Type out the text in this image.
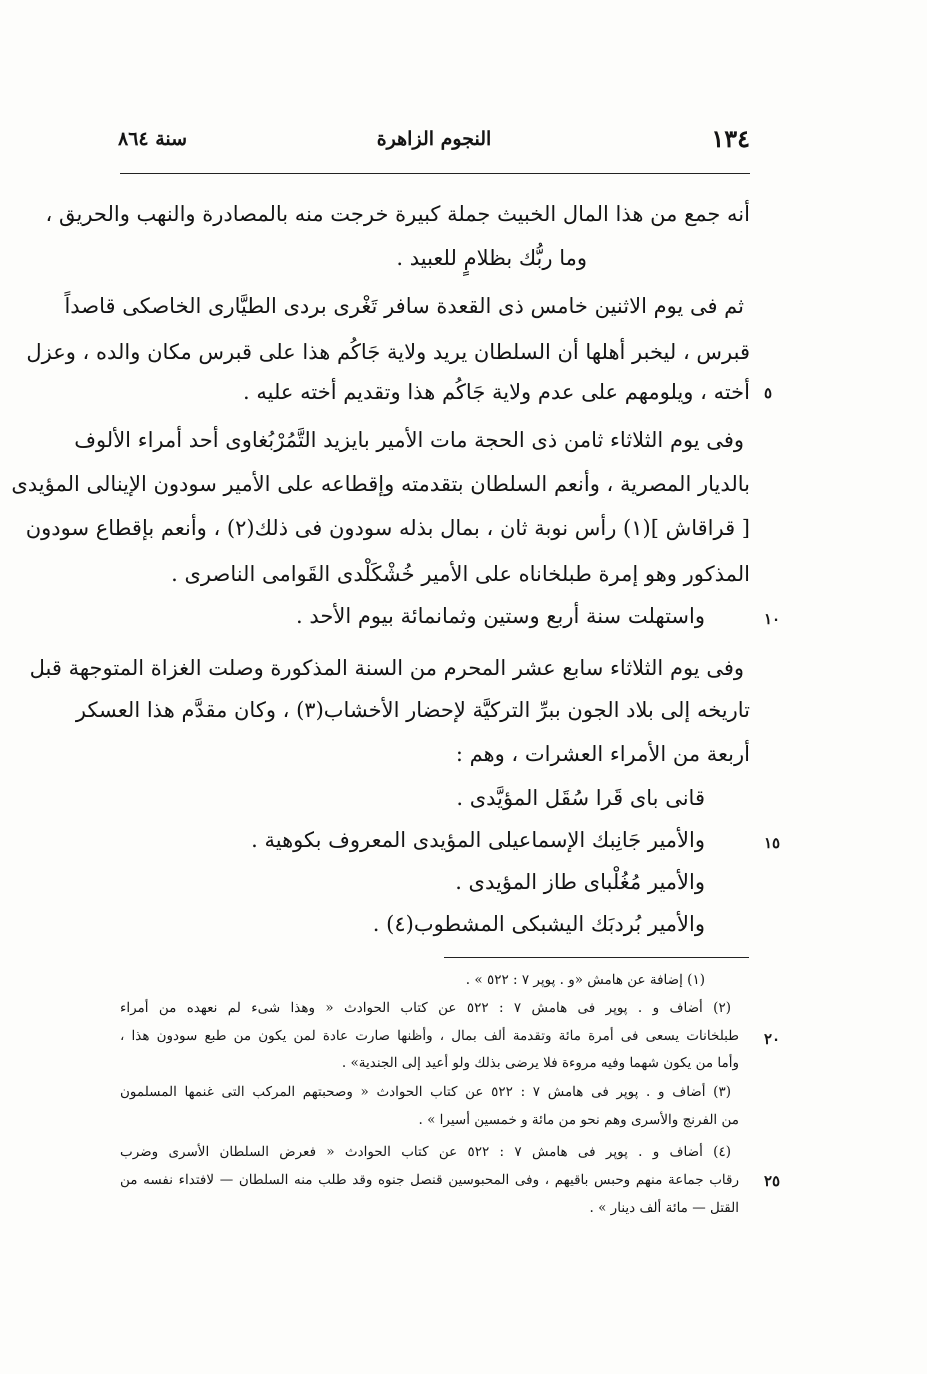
١٣٤
النجوم الزاهرة
سنة ٨٦٤
أنه جمع من هذا المال الخبيث جملة كبيرة خرجت منه بالمصادرة والنهب والحريق ،
وما ربُّك بظلامٍ للعبيد .
ثم فى يوم الاثنين خامس ذى القعدة سافر تَغْرى بردى الطيَّارى الخاصكى قاصداً
قبرس ، ليخبر أهلها أن السلطان يريد ولاية جَاكُم هذا على قبرس مكان والده ، وعزل
أخته ، ويلومهم على عدم ولاية جَاكُم هذا وتقديم أخته عليه .
وفى يوم الثلاثاء ثامن ذى الحجة مات الأمير بايزيد التَّمُرْبُغاوى أحد أمراء الألوف
بالديار المصرية ، وأنعم السلطان بتقدمته وإقطاعه على الأمير سودون الإينالى المؤيدى
[ قراقاش ](١) رأس نوبة ثان ، بمال بذله سودون فى ذلك(٢) ، وأنعم بإقطاع سودون
المذكور وهو إمرة طبلخاناه على الأمير خُشْكَلْدى القَوامى الناصرى .
واستهلت سنة أربع وستين وثمانمائة بيوم الأحد .
وفى يوم الثلاثاء سابع عشر المحرم من السنة المذكورة وصلت الغزاة المتوجهة قبل
تاريخه إلى بلاد الجون ببرِّ التركيَّة لإحضار الأخشاب(٣) ، وكان مقدَّم هذا العسكر
أربعة من الأمراء العشرات ، وهم :
قانى باى قَرا سُقَل المؤيَّدى .
والأمير جَانِبك الإسماعيلى المؤيدى المعروف بكوهية .
والأمير مُغُلْباى طاز المؤيدى .
والأمير بُردبَك اليشبكى المشطوب(٤) .
٥
١٠
١٥
٢٠
٢٥
(١) إضافة عن هامش «و . پوپر ٧ : ٥٢٢ » .
(٢) أضاف و . پوپر فى هامش ٧ : ٥٢٢ عن كتاب الحوادث « وهذا شىء لم نعهده من أمراء
طبلخانات يسعى فى أمرة مائة وتقدمة ألف بمال ، وأظنها صارت عادة لمن يكون من طبع سودون هذا ،
وأما من يكون شهما وفيه مروءة فلا يرضى بذلك ولو أعيد إلى الجندية» .
(٣) أضاف و . پوپر فى هامش ٧ : ٥٢٢ عن كتاب الحوادث « وصحبتهم المركب التى غنمها المسلمون
من الفرنج والأسرى وهم نحو من مائة و خمسين أسيرا » .
(٤) أضاف و . پوپر فى هامش ٧ : ٥٢٢ عن كتاب الحوادث « فعرض السلطان الأسرى وضرب
رقاب جماعة منهم وحبس باقيهم ، وفى المحبوسين قنصل جنوه وقد طلب منه السلطان — لافتداء نفسه من
القتل — مائة ألف دينار » .
